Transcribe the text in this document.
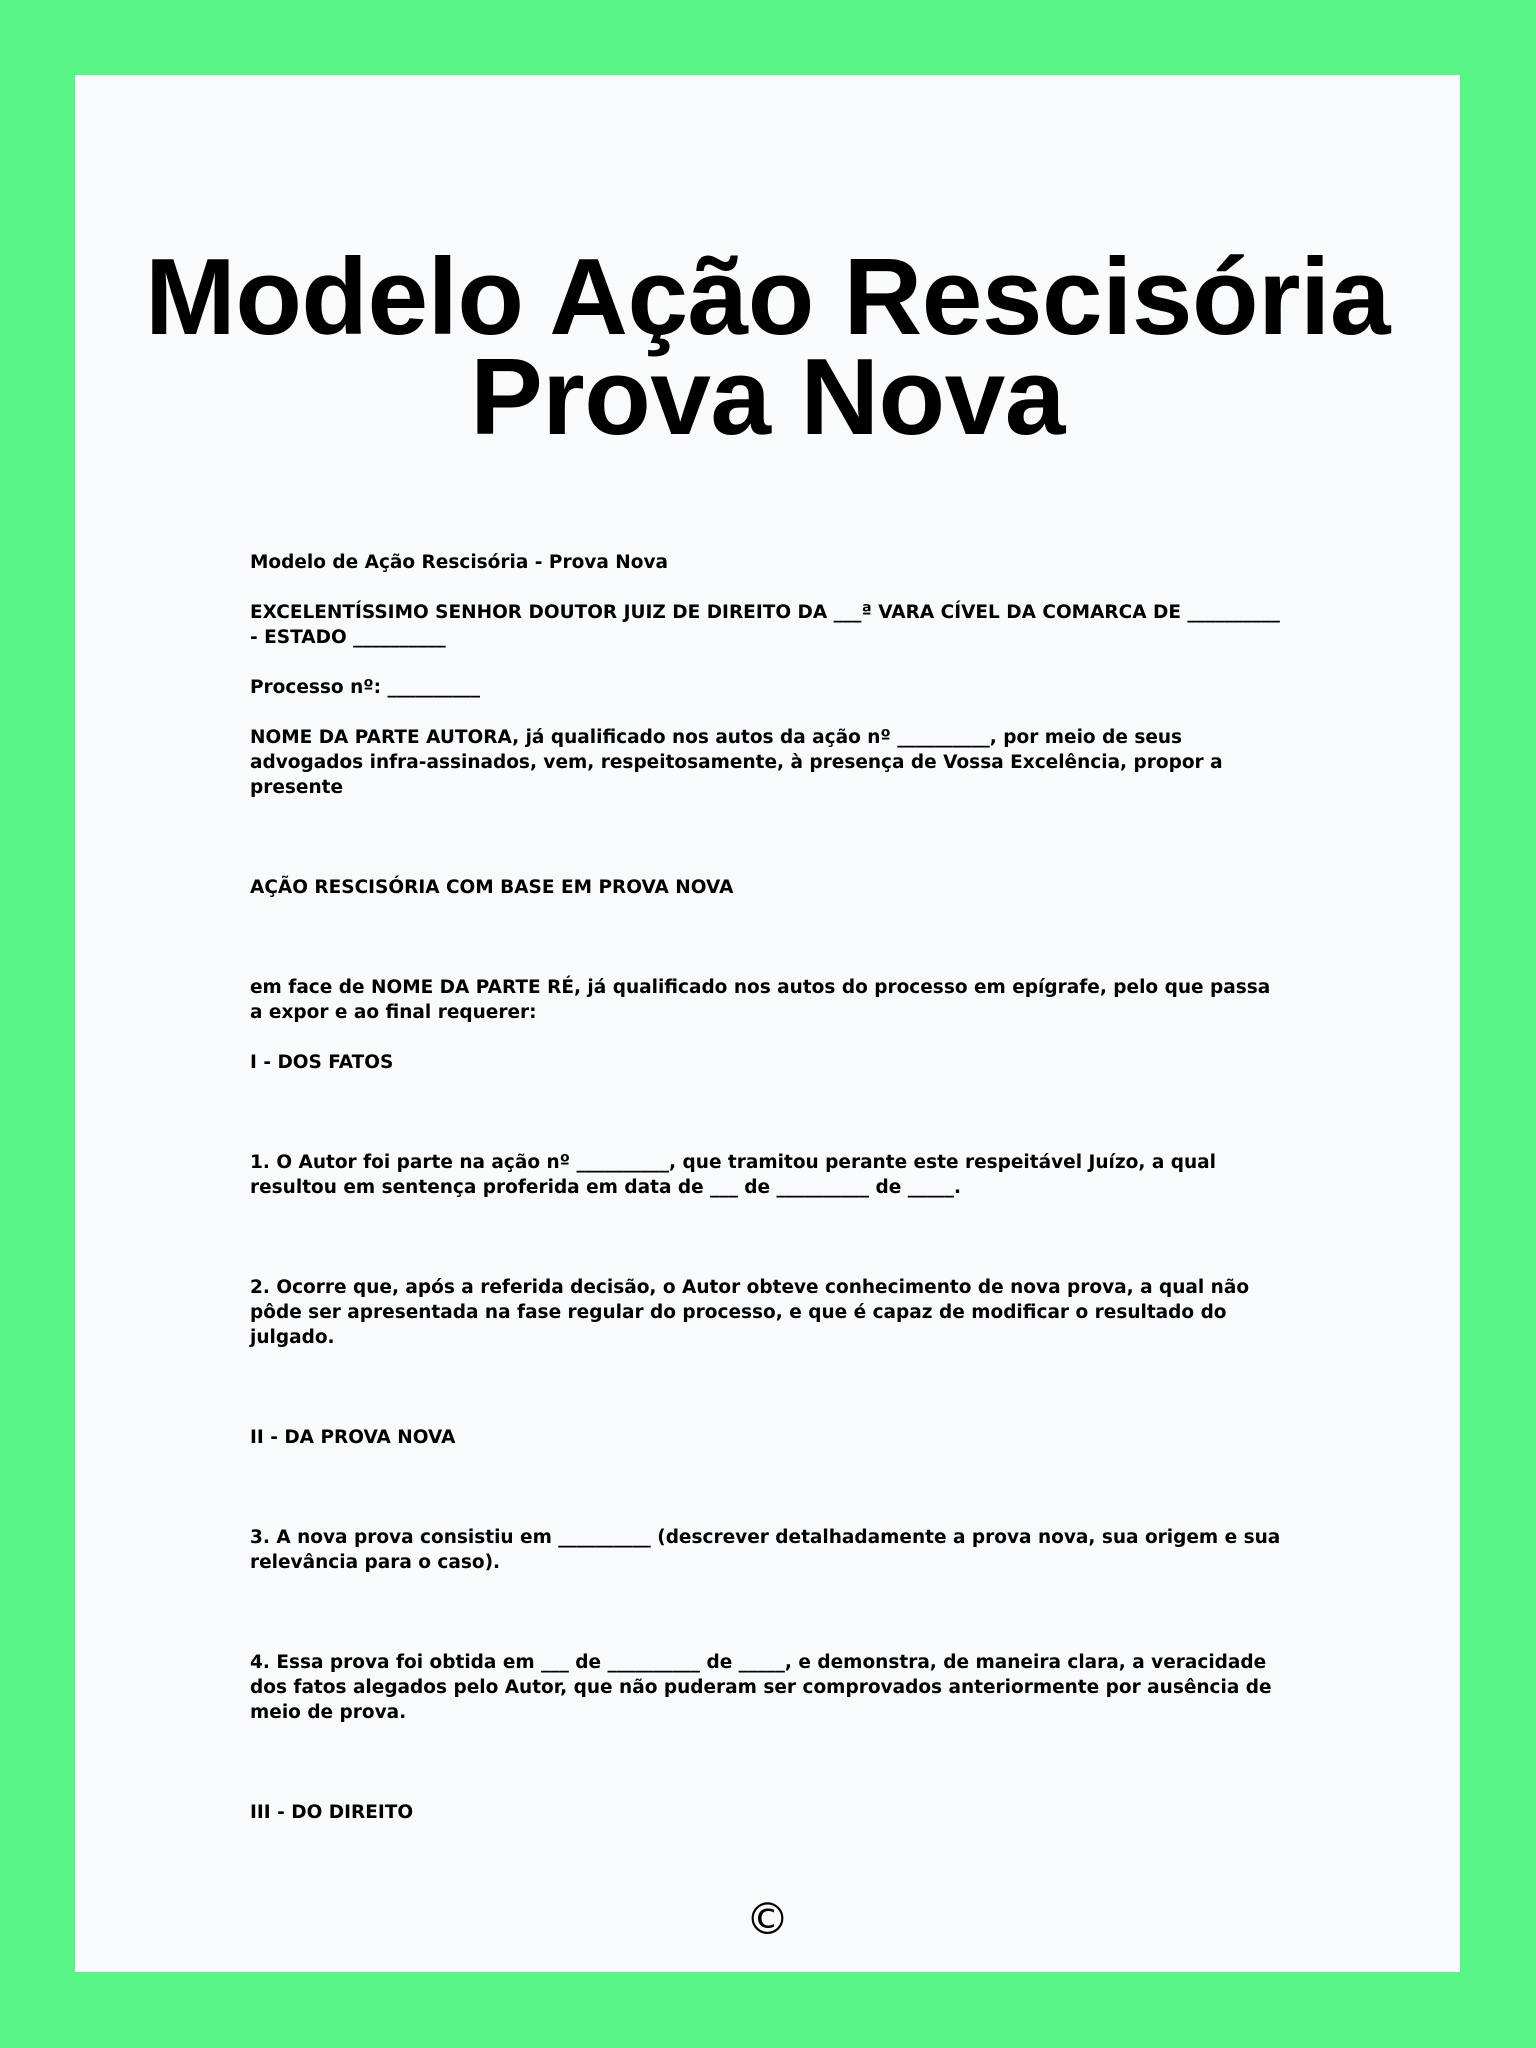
Modelo Ação Rescisória
Prova Nova

Modelo de Ação Rescisória - Prova Nova

EXCELENTÍSSIMO SENHOR DOUTOR JUIZ DE DIREITO DA ___ª VARA CÍVEL DA COMARCA DE __________ - ESTADO __________

Processo nº: __________

NOME DA PARTE AUTORA, já qualificado nos autos da ação nº __________, por meio de seus advogados infra-assinados, vem, respeitosamente, à presença de Vossa Excelência, propor a presente

AÇÃO RESCISÓRIA COM BASE EM PROVA NOVA

em face de NOME DA PARTE RÉ, já qualificado nos autos do processo em epígrafe, pelo que passa a expor e ao final requerer:

I - DOS FATOS

1. O Autor foi parte na ação nº __________, que tramitou perante este respeitável Juízo, a qual resultou em sentença proferida em data de ___ de __________ de _____.

2. Ocorre que, após a referida decisão, o Autor obteve conhecimento de nova prova, a qual não pôde ser apresentada na fase regular do processo, e que é capaz de modificar o resultado do julgado.

II - DA PROVA NOVA

3. A nova prova consistiu em __________ (descrever detalhadamente a prova nova, sua origem e sua relevância para o caso).

4. Essa prova foi obtida em ___ de __________ de _____, e demonstra, de maneira clara, a veracidade dos fatos alegados pelo Autor, que não puderam ser comprovados anteriormente por ausência de meio de prova.

III - DO DIREITO

©
